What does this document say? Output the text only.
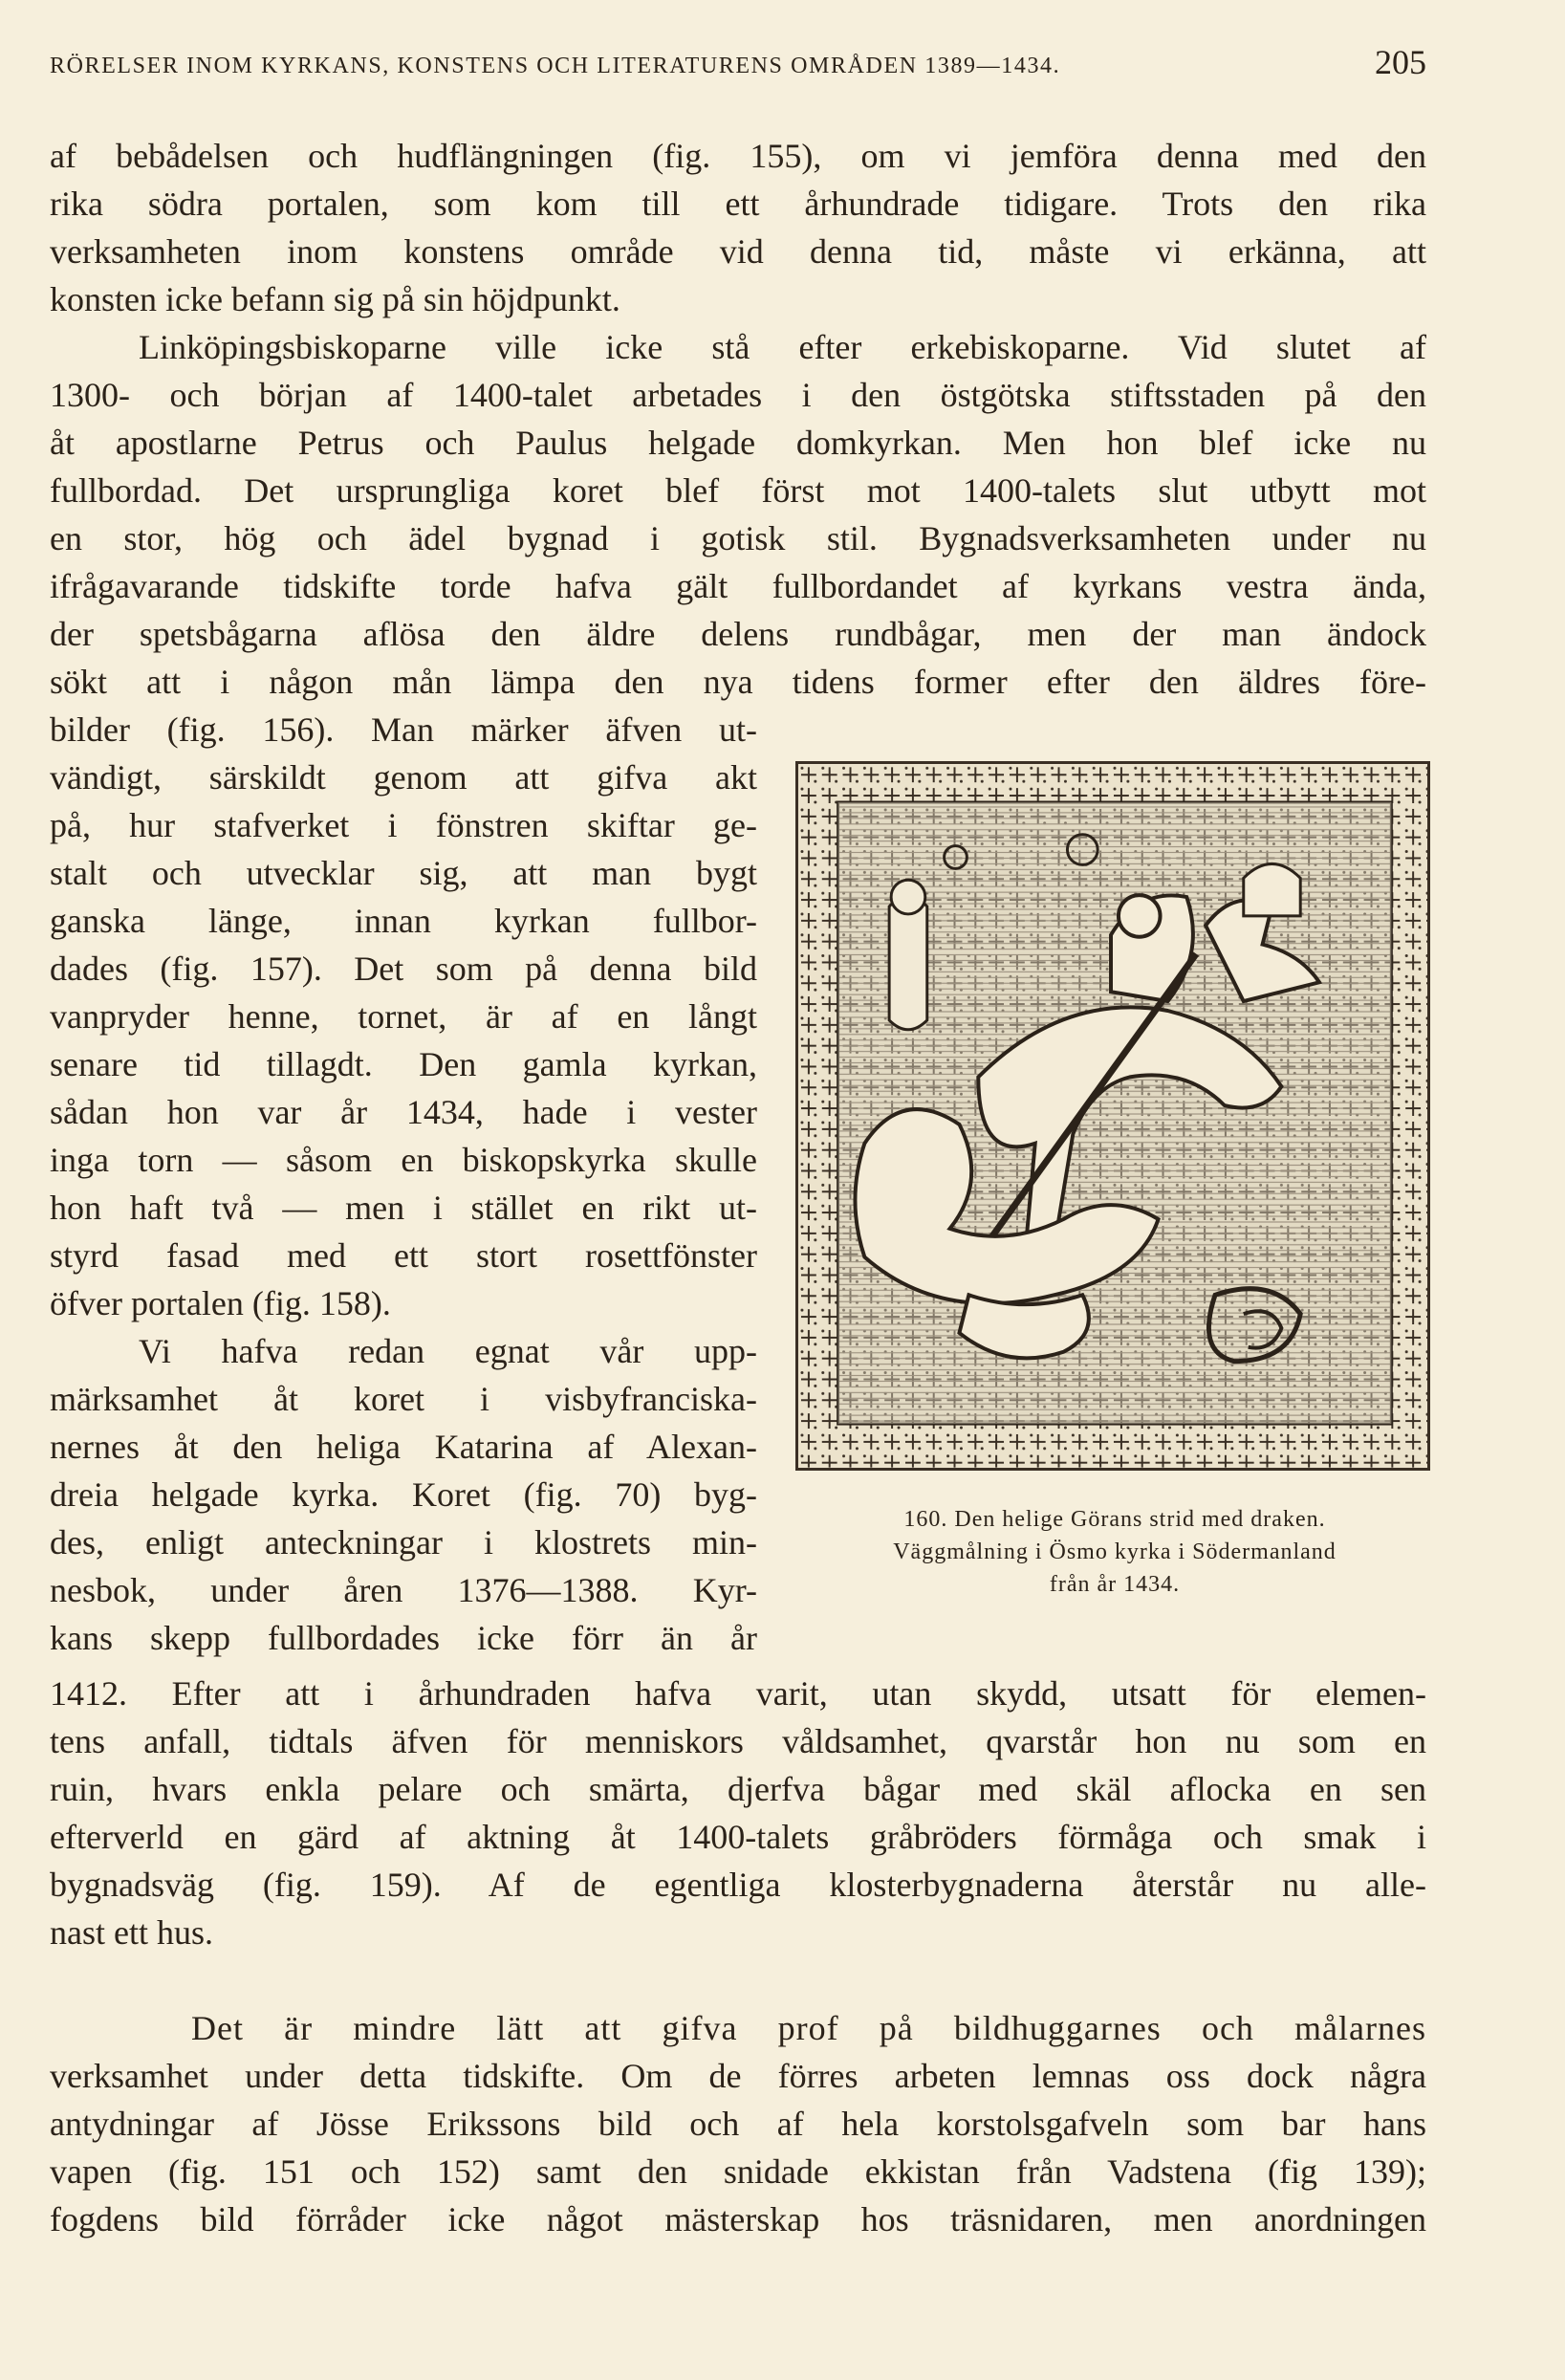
RÖRELSER INOM KYRKANS, KONSTENS OCH LITERATURENS OMRÅDEN 1389—1434.	205
af bebådelsen och hudflängningen (fig. 155), om vi jemföra denna med den
rika södra portalen, som kom till ett århundrade tidigare. Trots den rika
verksamheten inom konstens område vid denna tid, måste vi erkänna, att
konsten icke befann sig på sin höjdpunkt.
Linköpingsbiskoparne ville icke stå efter erkebiskoparne. Vid slutet af
1300- och början af 1400-talet arbetades i den östgötska stiftsstaden på den
åt apostlarne Petrus och Paulus helgade domkyrkan. Men hon blef icke nu
fullbordad. Det ursprungliga koret blef först mot 1400-talets slut utbytt mot
en stor, hög och ädel bygnad i gotisk stil. Bygnadsverksamheten under nu
ifrågavarande tidskifte torde hafva gält fullbordandet af kyrkans vestra ända,
der spetsbågarna aflösa den äldre delens rundbågar, men der man ändock
sökt att i någon mån lämpa den nya tidens former efter den äldres före-
bilder (fig. 156). Man märker äfven ut-
vändigt, särskildt genom att gifva akt
på, hur stafverket i fönstren skiftar ge-
stalt och utvecklar sig, att man bygt
ganska länge, innan kyrkan fullbor-
dades (fig. 157). Det som på denna bild
vanpryder henne, tornet, är af en långt
senare tid tillagdt. Den gamla kyrkan,
sådan hon var år 1434, hade i vester
inga torn — såsom en biskopskyrka skulle
hon haft två — men i stället en rikt ut-
styrd fasad med ett stort rosettfönster
öfver portalen (fig. 158).
Vi hafva redan egnat vår upp-
märksamhet åt koret i visbyfranciska-
nernes åt den heliga Katarina af Alexan-
dreia helgade kyrka. Koret (fig. 70) byg-
des, enligt anteckningar i klostrets min-
nesbok, under åren 1376—1388. Kyr-
kans skepp fullbordades icke förr än år
1412. Efter att i århundraden hafva varit, utan skydd, utsatt för elemen-
tens anfall, tidtals äfven för menniskors våldsamhet, qvarstår hon nu som en
ruin, hvars enkla pelare och smärta, djerfva bågar med skäl aflocka en sen
efterverld en gärd af aktning åt 1400-talets gråbröders förmåga och smak i
bygnadsväg (fig. 159). Af de egentliga klosterbygnaderna återstår nu alle-
nast ett hus.
Det är mindre lätt att gifva prof på bildhuggarnes och målarnes
verksamhet under detta tidskifte. Om de förres arbeten lemnas oss dock några
antydningar af Jösse Erikssons bild och af hela korstolsgafveln som bar hans
vapen (fig. 151 och 152) samt den snidade ekkistan från Vadstena (fig 139);
fogdens bild förråder icke något mästerskap hos träsnidaren, men anordningen
160. Den helige Görans strid med draken.
Väggmålning i Ösmo kyrka i Södermanland
från år 1434.
